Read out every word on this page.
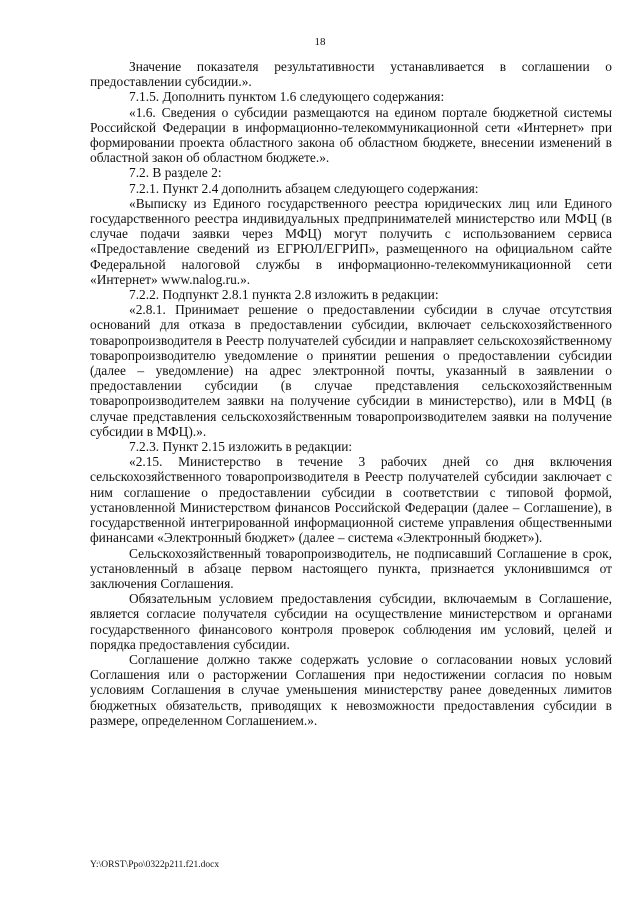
18

Значение показателя результативности устанавливается в соглашении о предоставлении субсидии.».

7.1.5. Дополнить пунктом 1.6 следующего содержания:

«1.6. Сведения о субсидии размещаются на едином портале бюджетной системы Российской Федерации в информационно-телекоммуникационной сети «Интернет» при формировании проекта областного закона об областном бюджете, внесении изменений в областной закон об областном бюджете.».

7.2. В разделе 2:

7.2.1. Пункт 2.4 дополнить абзацем следующего содержания:

«Выписку из Единого государственного реестра юридических лиц или Единого государственного реестра индивидуальных предпринимателей министерство или МФЦ (в случае подачи заявки через МФЦ) могут получить с использованием сервиса «Предоставление сведений из ЕГРЮЛ/ЕГРИП», размещенного на официальном сайте Федеральной налоговой службы в информационно-телекоммуникационной сети «Интернет» www.nalog.ru.».

7.2.2. Подпункт 2.8.1 пункта 2.8 изложить в редакции:

«2.8.1. Принимает решение о предоставлении субсидии в случае отсутствия оснований для отказа в предоставлении субсидии, включает сельскохозяйственного товаропроизводителя в Реестр получателей субсидии и направляет сельскохозяйственному товаропроизводителю уведомление о принятии решения о предоставлении субсидии (далее – уведомление) на адрес электронной почты, указанный в заявлении о предоставлении субсидии (в случае представления сельскохозяйственным товаропроизводителем заявки на получение субсидии в министерство), или в МФЦ (в случае представления сельскохозяйственным товаропроизводителем заявки на получение субсидии в МФЦ).».

7.2.3. Пункт 2.15 изложить в редакции:

«2.15. Министерство в течение 3 рабочих дней со дня включения сельскохозяйственного товаропроизводителя в Реестр получателей субсидии заключает с ним соглашение о предоставлении субсидии в соответствии с типовой формой, установленной Министерством финансов Российской Федерации (далее – Соглашение), в государственной интегрированной информационной системе управления общественными финансами «Электронный бюджет» (далее – система «Электронный бюджет»).

Сельскохозяйственный товаропроизводитель, не подписавший Соглашение в срок, установленный в абзаце первом настоящего пункта, признается уклонившимся от заключения Соглашения.

Обязательным условием предоставления субсидии, включаемым в Соглашение, является согласие получателя субсидии на осуществление министерством и органами государственного финансового контроля проверок соблюдения им условий, целей и порядка предоставления субсидии.

Соглашение должно также содержать условие о согласовании новых условий Соглашения или о расторжении Соглашения при недостижении согласия по новым условиям Соглашения в случае уменьшения министерству ранее доведенных лимитов бюджетных обязательств, приводящих к невозможности предоставления субсидии в размере, определенном Соглашением.».

Y:\ORST\Ppo\0322p211.f21.docx
